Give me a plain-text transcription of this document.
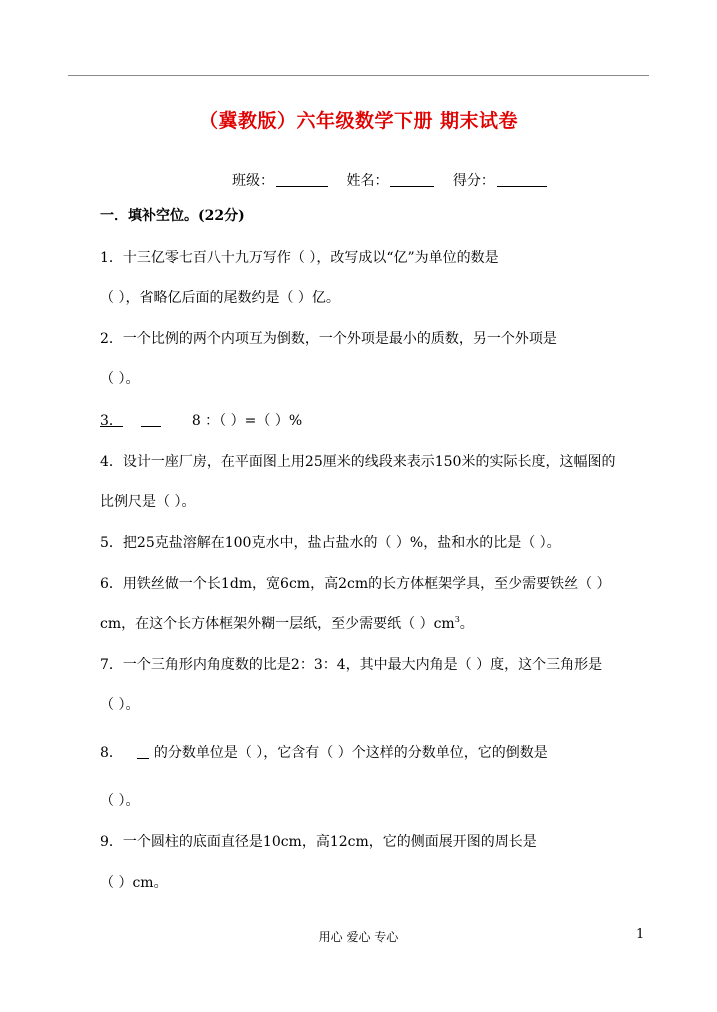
（冀教版）六年级数学下册 期末试卷
班级：	姓名：	得分：
一．填补空位。(22分)
1．十三亿零七百八十九万写作（ ），改写成以“亿”为单位的数是
（ ），省略亿后面的尾数约是（ ）亿。
2．一个比例的两个内项互为倒数，一个外项是最小的质数，另一个外项是
（ ）。
3．	8 ：（ ）=（ ）%
4．设计一座厂房，在平面图上用25厘米的线段来表示150米的实际长度，这幅图的
比例尺是（ ）。
5．把25克盐溶解在100克水中，盐占盐水的（ ）%，盐和水的比是（ ）。
6．用铁丝做一个长1dm，宽6cm，高2cm的长方体框架学具，至少需要铁丝（ ）
cm，在这个长方体框架外糊一层纸，至少需要纸（ ）$cm^3$。
7．一个三角形内角度数的比是2：3：4，其中最大内角是（ ）度，这个三角形是
（ ）。
8． 的分数单位是（ ），它含有（ ）个这样的分数单位，它的倒数是
（ ）。
9．一个圆柱的底面直径是10cm，高12cm，它的侧面展开图的周长是
（ ）cm。
用心 爱心 专心	1
